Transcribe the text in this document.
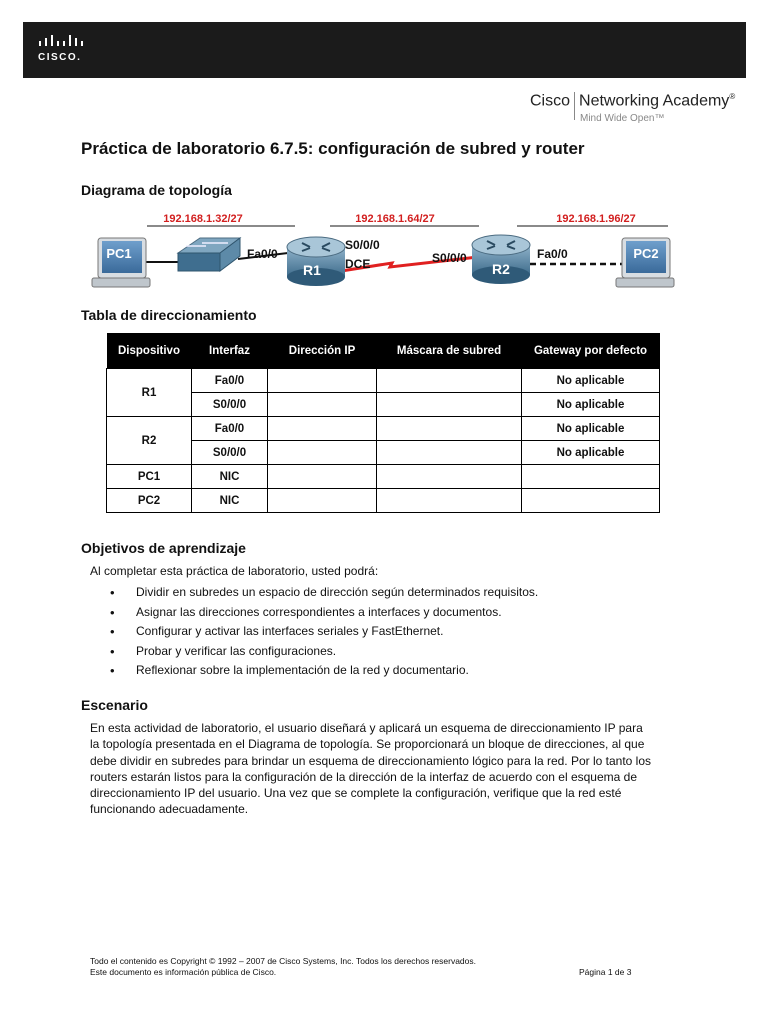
CISCO.
Cisco Networking Academy®
Mind Wide Open™
Práctica de laboratorio 6.7.5: configuración de subred y router
Diagrama de topología
192.168.1.32/27	192.168.1.64/27	192.168.1.96/27
PC1	Fa0/0
R1
S0/0/0
DCE	S0/0/0
R2
Fa0/0	PC2
Tabla de direccionamiento
Dispositivo	Interfaz	Dirección IP	Máscara de subred	Gateway por defecto
R1	Fa0/0			No aplicable
	S0/0/0			No aplicable
R2	Fa0/0			No aplicable
	S0/0/0			No aplicable
PC1	NIC			
PC2	NIC			
Objetivos de aprendizaje
Al completar esta práctica de laboratorio, usted podrá:
• Dividir en subredes un espacio de dirección según determinados requisitos.
• Asignar las direcciones correspondientes a interfaces y documentos.
• Configurar y activar las interfaces seriales y FastEthernet.
• Probar y verificar las configuraciones.
• Reflexionar sobre la implementación de la red y documentario.
Escenario
En esta actividad de laboratorio, el usuario diseñará y aplicará un esquema de direccionamiento IP para
la topología presentada en el Diagrama de topología. Se proporcionará un bloque de direcciones, al que
debe dividir en subredes para brindar un esquema de direccionamiento lógico para la red. Por lo tanto los
routers estarán listos para la configuración de la dirección de la interfaz de acuerdo con el esquema de
direccionamiento IP del usuario. Una vez que se complete la configuración, verifique que la red esté
funcionando adecuadamente.
Todo el contenido es Copyright © 1992 – 2007 de Cisco Systems, Inc. Todos los derechos reservados.
Este documento es información pública de Cisco.	Página 1 de 3
